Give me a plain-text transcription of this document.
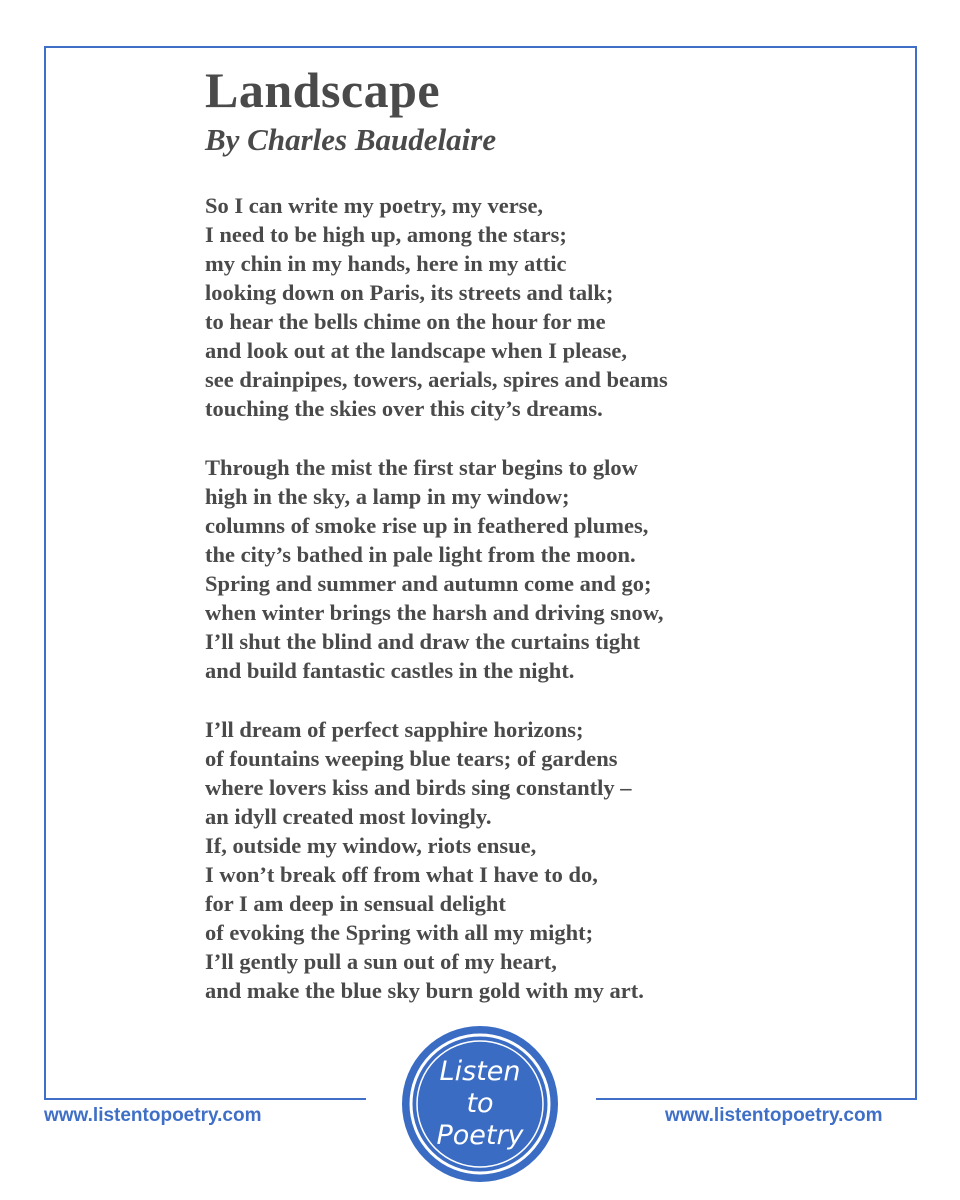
Landscape
By Charles Baudelaire

So I can write my poetry, my verse,
I need to be high up, among the stars;
my chin in my hands, here in my attic
looking down on Paris, its streets and talk;
to hear the bells chime on the hour for me
and look out at the landscape when I please,
see drainpipes, towers, aerials, spires and beams
touching the skies over this city’s dreams.

Through the mist the first star begins to glow
high in the sky, a lamp in my window;
columns of smoke rise up in feathered plumes,
the city’s bathed in pale light from the moon.
Spring and summer and autumn come and go;
when winter brings the harsh and driving snow,
I’ll shut the blind and draw the curtains tight
and build fantastic castles in the night.

I’ll dream of perfect sapphire horizons;
of fountains weeping blue tears; of gardens
where lovers kiss and birds sing constantly –
an idyll created most lovingly.
If, outside my window, riots ensue,
I won’t break off from what I have to do,
for I am deep in sensual delight
of evoking the Spring with all my might;
I’ll gently pull a sun out of my heart,
and make the blue sky burn gold with my art.

www.listentopoetry.com	www.listentopoetry.com
Listen
to
Poetry
